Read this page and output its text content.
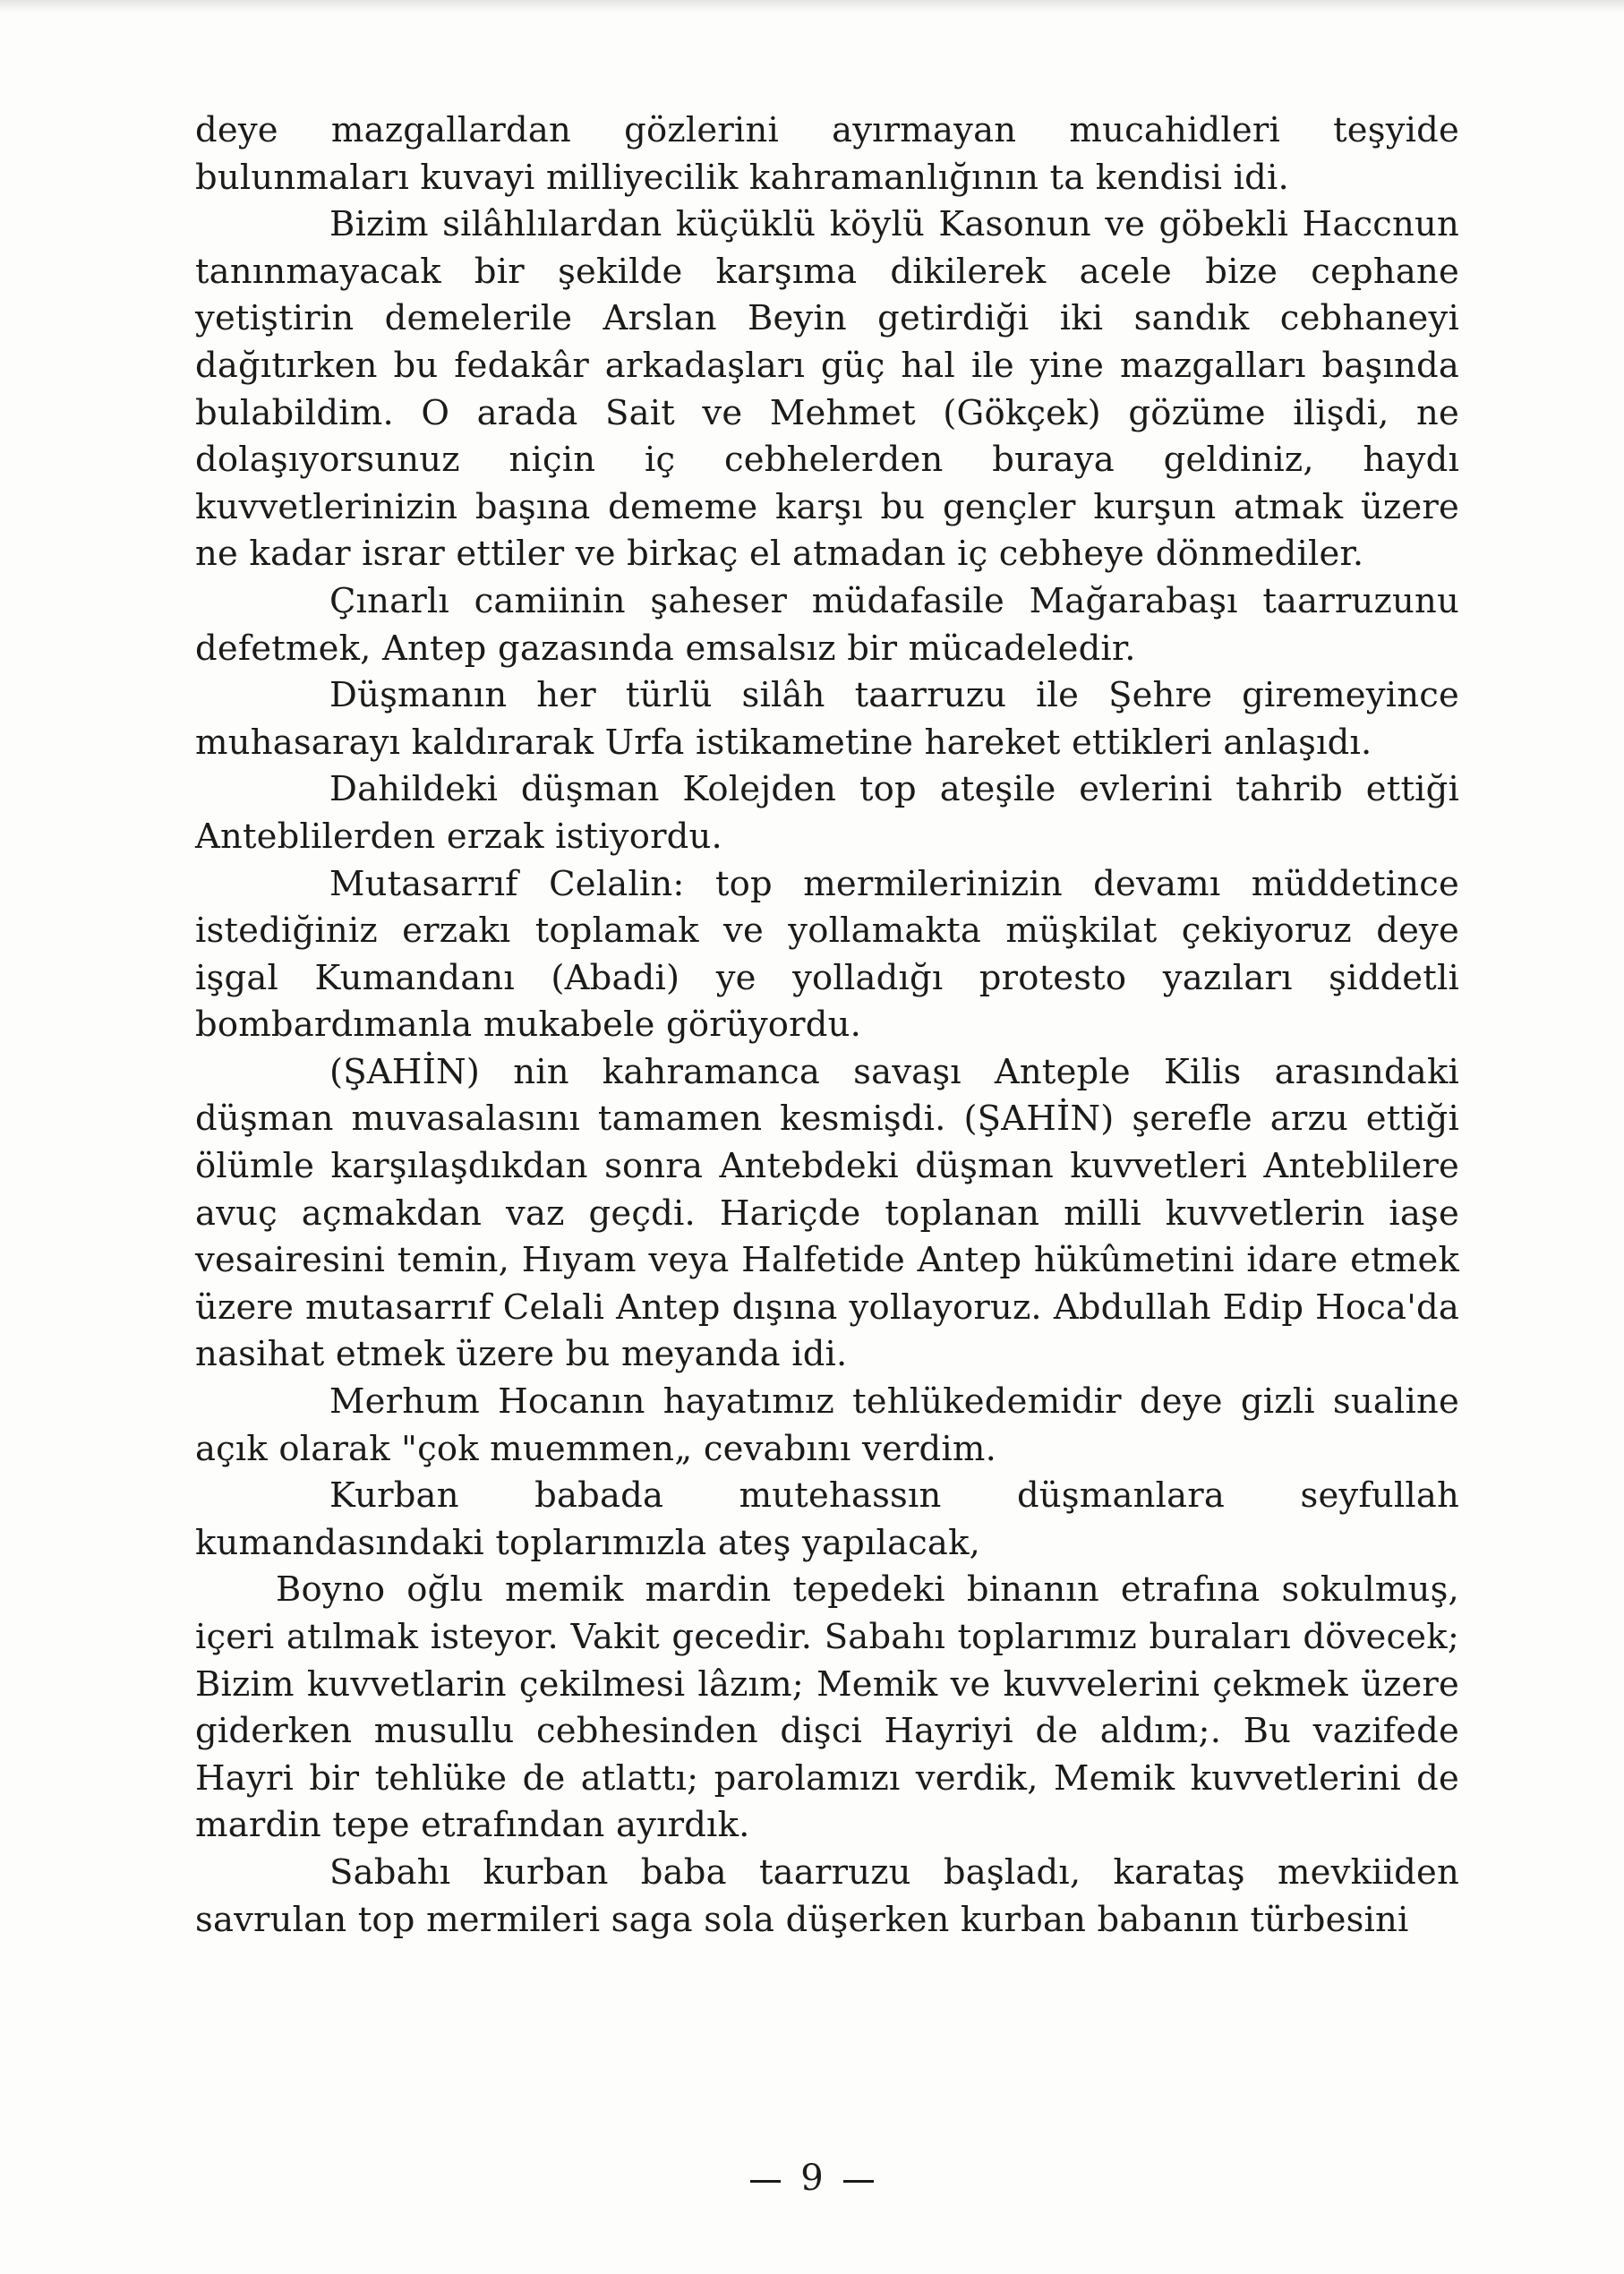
deye mazgallardan gözlerini ayırmayan mucahidleri teşyide bulunmaları kuvayi milliyecilik kahramanlığının ta kendisi idi.

Bizim silâhlılardan küçüklü köylü Kasonun ve göbekli Haccnun tanınmayacak bir şekilde karşıma dikilerek acele bize cephane yetiştirin demelerile Arslan Beyin getirdiği iki sandık cebhaneyi dağıtırken bu fedakâr arkadaşları güç hal ile yine mazgalları başında bulabildim. O arada Sait ve Mehmet (Gökçek) gözüme ilişdi, ne dolaşıyorsunuz niçin iç cebhelerden buraya geldiniz, haydı kuvvetlerinizin başına dememe karşı bu gençler kurşun atmak üzere ne kadar israr ettiler ve birkaç el atmadan iç cebheye dönmediler.

Çınarlı camiinin şaheser müdafasile Mağarabaşı taarruzunu defetmek, Antep gazasında emsalsız bir mücadeledir.

Düşmanın her türlü silâh taarruzu ile Şehre giremeyince muhasarayı kaldırarak Urfa istikametine hareket ettikleri anlaşıdı.

Dahildeki düşman Kolejden top ateşile evlerini tahrib ettiği Anteblilerden erzak istiyordu.

Mutasarrıf Celalin: top mermilerinizin devamı müddetince istediğiniz erzakı toplamak ve yollamakta müşkilat çekiyoruz deye işgal Kumandanı (Abadi) ye yolladığı protesto yazıları şiddetli bombardımanla mukabele görüyordu.

(ŞAHİN) nin kahramanca savaşı Anteple Kilis arasındaki düşman muvasalasını tamamen kesmişdi. (ŞAHİN) şerefle arzu ettiği ölümle karşılaşdıkdan sonra Antebdeki düşman kuvvetleri Anteblilere avuç açmakdan vaz geçdi. Hariçde toplanan milli kuvvetlerin iaşe vesairesini temin, Hıyam veya Halfetide Antep hükûmetini idare etmek üzere mutasarrıf Celali Antep dışına yollayoruz. Abdullah Edip Hoca'da nasihat etmek üzere bu meyanda idi.

Merhum Hocanın hayatımız tehlükedemidir deye gizli sualine açık olarak "çok muemmen„ cevabını verdim.

Kurban babada mutehassın düşmanlara seyfullah kumandasındaki toplarımızla ateş yapılacak,

Boyno oğlu memik mardin tepedeki binanın etrafına sokulmuş, içeri atılmak isteyor. Vakit gecedir. Sabahı toplarımız buraları dövecek; Bizim kuvvetlarin çekilmesi lâzım; Memik ve kuvvelerini çekmek üzere giderken musullu cebhesinden dişci Hayriyi de aldım;. Bu vazifede Hayri bir tehlüke de atlattı; parolamızı verdik, Memik kuvvetlerini de mardin tepe etrafından ayırdık.

Sabahı kurban baba taarruzu başladı, karataş mevkiiden savrulan top mermileri saga sola düşerken kurban babanın türbesini

9
